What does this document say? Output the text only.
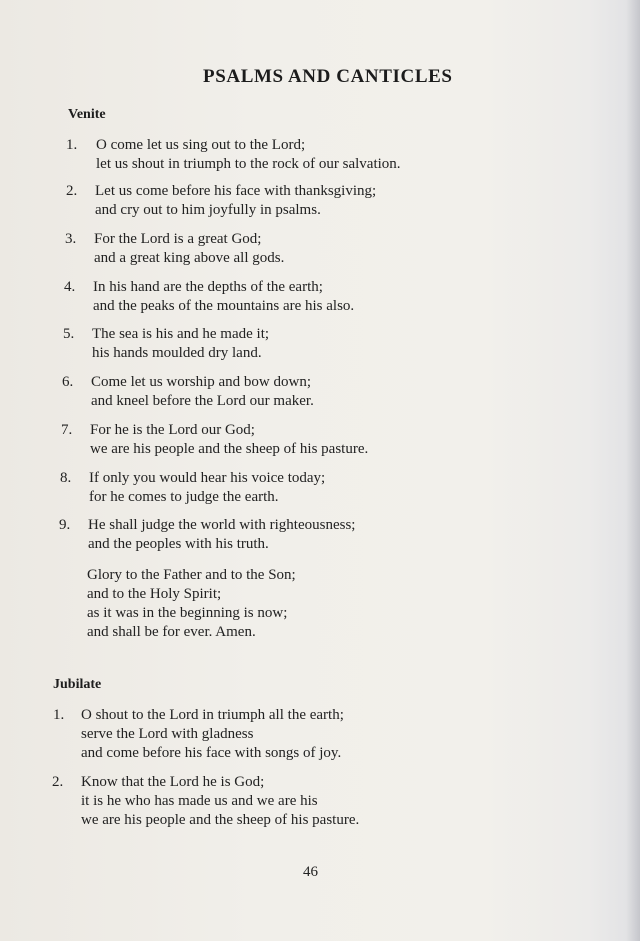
PSALMS AND CANTICLES
Venite
1. O come let us sing out to the Lord;
let us shout in triumph to the rock of our salvation.
2. Let us come before his face with thanksgiving;
and cry out to him joyfully in psalms.
3. For the Lord is a great God;
and a great king above all gods.
4. In his hand are the depths of the earth;
and the peaks of the mountains are his also.
5. The sea is his and he made it;
his hands moulded dry land.
6. Come let us worship and bow down;
and kneel before the Lord our maker.
7. For he is the Lord our God;
we are his people and the sheep of his pasture.
8. If only you would hear his voice today;
for he comes to judge the earth.
9. He shall judge the world with righteousness;
and the peoples with his truth.
Glory to the Father and to the Son;
and to the Holy Spirit;
as it was in the beginning is now;
and shall be for ever. Amen.
Jubilate
1. O shout to the Lord in triumph all the earth;
serve the Lord with gladness
and come before his face with songs of joy.
2. Know that the Lord he is God;
it is he who has made us and we are his
we are his people and the sheep of his pasture.
46
